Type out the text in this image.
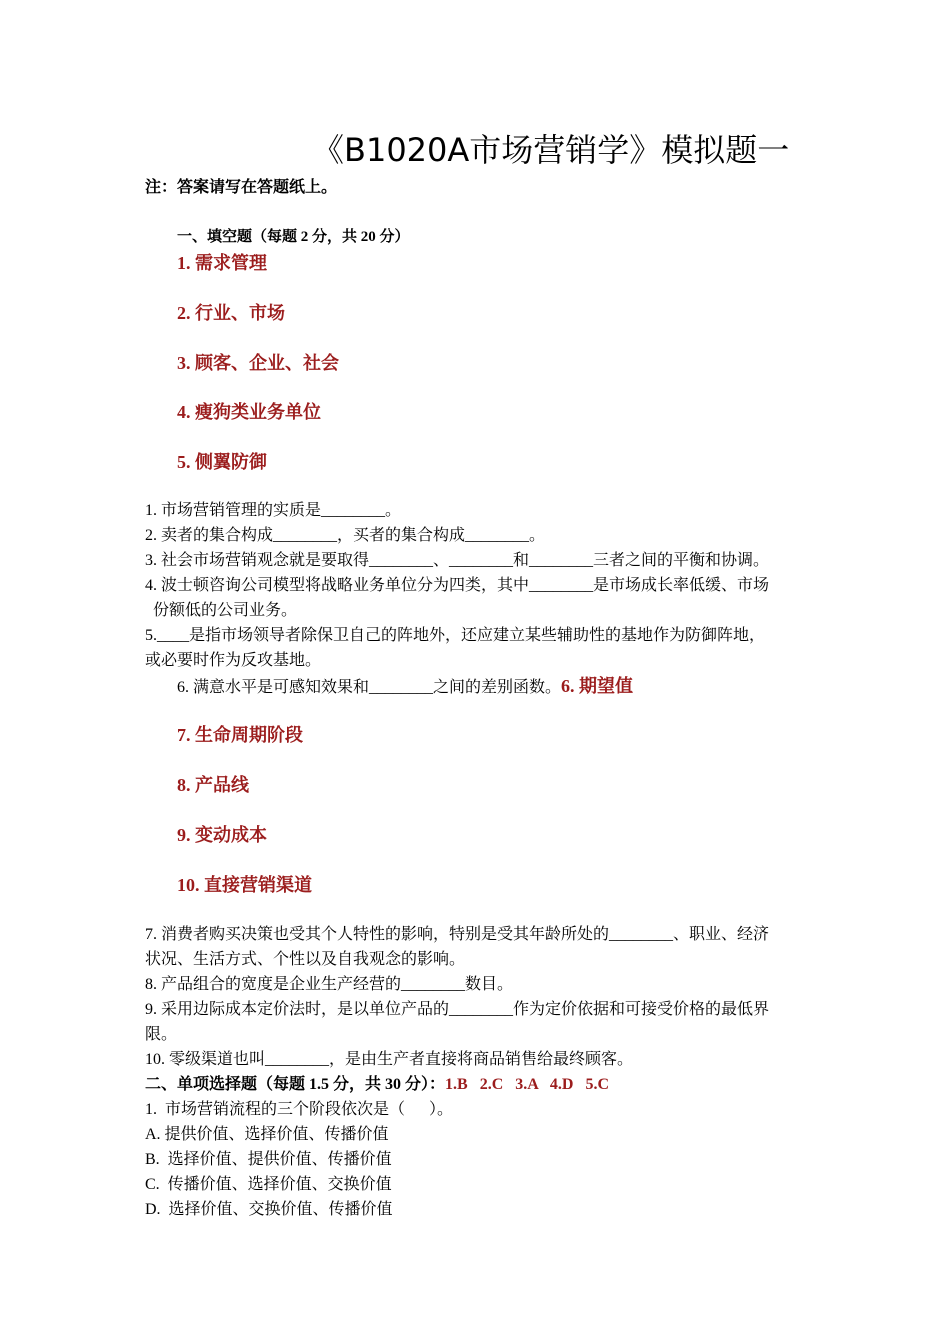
《B1020A市场营销学》模拟题一
注：答案请写在答题纸上。
一、填空题（每题 2 分，共 20 分）
1. 需求管理
2. 行业、市场
3. 顾客、企业、社会
4. 瘦狗类业务单位
5. 侧翼防御
1. 市场营销管理的实质是________。
2. 卖者的集合构成________，买者的集合构成________。
3. 社会市场营销观念就是要取得________、________和________三者之间的平衡和协调。
4. 波士顿咨询公司模型将战略业务单位分为四类，其中________是市场成长率低缓、市场
份额低的公司业务。
5.____是指市场领导者除保卫自己的阵地外，还应建立某些辅助性的基地作为防御阵地，
或必要时作为反攻基地。
6. 满意水平是可感知效果和________之间的差别函数。6. 期望值
7. 生命周期阶段
8. 产品线
9. 变动成本
10. 直接营销渠道
7. 消费者购买决策也受其个人特性的影响，特别是受其年龄所处的________、职业、经济
状况、生活方式、个性以及自我观念的影响。
8. 产品组合的宽度是企业生产经营的________数目。
9. 采用边际成本定价法时，是以单位产品的________作为定价依据和可接受价格的最低界
限。
10. 零级渠道也叫________，是由生产者直接将商品销售给最终顾客。
二、单项选择题（每题 1.5 分，共 30 分）：1.B   2.C   3.A   4.D   5.C
1.  市场营销流程的三个阶段依次是（      ）。
A. 提供价值、选择价值、传播价值
B.  选择价值、提供价值、传播价值
C.  传播价值、选择价值、交换价值
D.  选择价值、交换价值、传播价值
